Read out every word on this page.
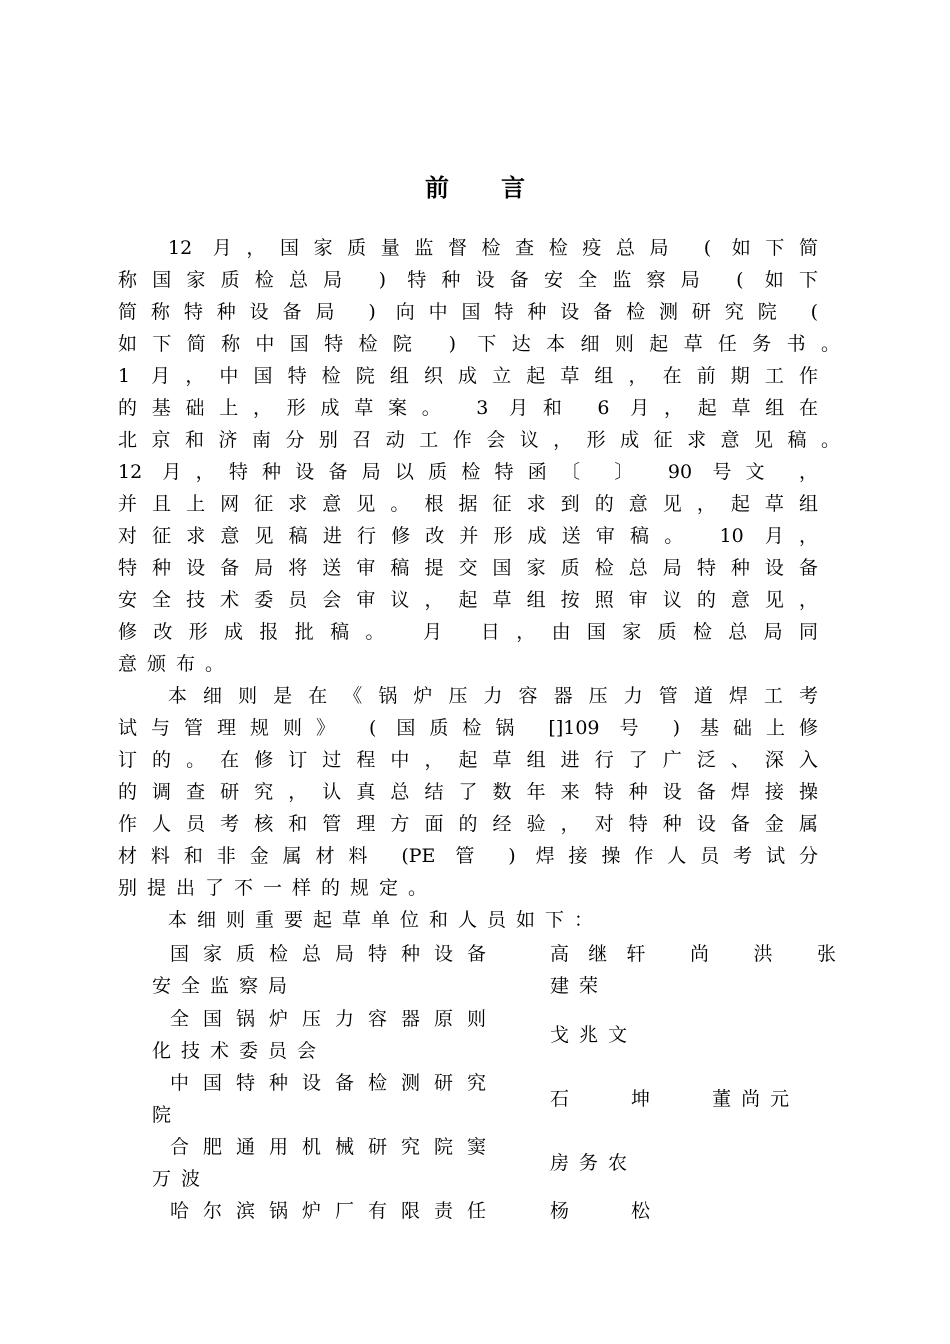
前言
12 月，国家质量监督检查检疫总局 ( 如下简
称国家质检总局 ) 特种设备安全监察局 ( 如下
简称特种设备局 ) 向中国特种设备检测研究院 (
如下简称中国特检院 ) 下达本细则起草任务书。
1 月，中国特检院组织成立起草组，在前期工作
的基础上，形成草案。 3 月和 6 月，起草组在
北京和济南分别召动工作会议，形成征求意见稿。
12 月，特种设备局以质检特函〔 〕 90 号文 ，
并且上网征求意见。根据征求到的意见，起草组
对征求意见稿进行修改并形成送审稿。 10 月，
特种设备局将送审稿提交国家质检总局特种设备
安全技术委员会审议，起草组按照审议的意见，
修改形成报批稿。 月 日，由国家质检总局同
意颁布。
本细则是在《锅炉压力容器压力管道焊工考
试与管理规则》 ( 国质检锅 []109 号 ) 基础上修
订的。在修订过程中，起草组进行了广泛、深入
的调查研究，认真总结了数年来特种设备焊接操
作人员考核和管理方面的经验，对特种设备金属
材料和非金属材料 (PE 管 ) 焊接操作人员考试分
别提出了不一样的规定。
本细则重要起草单位和人员如下：
国家质检总局特种设备
安全监察局
高继轩 尚 洪 张
建荣
全国锅炉压力容器原则
化技术委员会
戈兆文
中国特种设备检测研究
院
石 坤 董尚元
合肥通用机械研究院窦
万波
房务农
哈尔滨锅炉厂有限责任	杨 松
